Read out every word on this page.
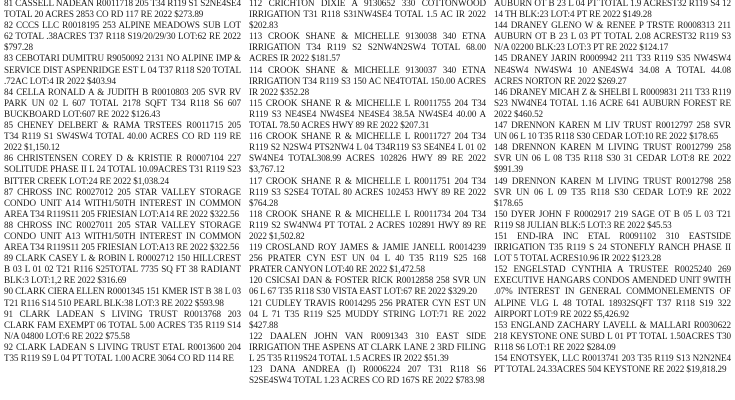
81 CASSELL NADEAN R0011718 205 T34 R119 S1 S2NE4SE4 TOTAL 20 ACRES 2853 CO RD 117 RE 2022 $273.89

82 CCCS LLC R0018195 253 ALPINE MEADOWS SUB LOT 62 TOTAL .38ACRES T37 R118 S19/20/29/30 LOT:62 RE 2022 $797.28

83 CEBOTARI DUMITRU R9050092 2131 NO ALPINE IMP & SERVICE DIST ASPENRIDGE EST L 04 T37 R118 S20 TOTAL .72AC LOT:4 IR 2022 $403.94

84 CELLA RONALD A & JUDITH B R0010803 205 SVR RV PARK UN 02 L 607 TOTAL 2178 SQFT T34 R118 S6 607 BUCKBOARD LOT:607 RE 2022 $126.43

85 CHENEY DELBERT & RAMA TRSTEES R0011715 205 T34 R119 S1 SW4SW4 TOTAL 40.00 ACRES CO RD 119 RE 2022 $1,150.12

86 CHRISTENSEN COREY D & KRISTIE R R0007104 227 SOLITUDE PHASE II L 24 TOTAL 10.09ACRES T31 R119 S23 BITTER CREEK LOT:24 RE 2022 $1,038.24

87 CHROSS INC R0027012 205 STAR VALLEY STORAGE CONDO UNIT A14 WITH1/50TH INTEREST IN COMMON AREA T34 R119S11 205 FRIESIAN LOT:A14 RE 2022 $322.56

88 CHROSS INC R0027011 205 STAR VALLEY STORAGE CONDO UNIT A13 WITH1/50TH INTEREST IN COMMON AREA T34 R119S11 205 FRIESIAN LOT:A13 RE 2022 $322.56

89 CLARK CASEY L & ROBIN L R0002712 150 HILLCREST B 03 L 01 02 T21 R116 S25TOTAL 7735 SQ FT 38 RADIANT BLK:3 LOT:1,2 RE 2022 $316.69

90 CLARK CIERA ELLEN R0001345 151 KMER IST B 38 L 03 T21 R116 S14 510 PEARL BLK:38 LOT:3 RE 2022 $593.98

91 CLARK LADEAN S LIVING TRUST R0013768 203 CLARK FAM EXEMPT 06 TOTAL 5.00 ACRES T35 R119 S14 N/A 04800 LOT:6 RE 2022 $75.58

92 CLARK LADEAN S LIVING TRUST ETAL R0013600 204 T35 R119 S9 L 04 PT TOTAL 1.00 ACRE 3064 CO RD 114 RE

112 CRICHTON DIXIE A 9130652 330 COTTONWOOD IRRIGATION T31 R118 S31NW4SE4 TOTAL 1.5 AC IR 2022 $202.83

113 CROOK SHANE & MICHELLE 9130038 340 ETNA IRRIGATION T34 R119 S2 S2NW4N2SW4 TOTAL 68.00 ACRES IR 2022 $181.57

114 CROOK SHANE & MICHELLE 9130037 340 ETNA IRRIGATION T34 R119 S3 150 AC NE4TOTAL 150.00 ACRES IR 2022 $352.28

115 CROOK SHANE R & MICHELLE L R0011755 204 T34 R119 S3 NE4SE4 NW4SE4 NE4SE4 38.5A NW4SE4 40.00 A TOTAL 78.50 ACRES HWY 89 RE 2022 $207.31

116 CROOK SHANE R & MICHELLE L R0011727 204 T34 R119 S2 N2SW4 PTS2NW4 L 04 T34R119 S3 SE4NE4 L 01 02 SW4NE4 TOTAL308.99 ACRES 102826 HWY 89 RE 2022 $3,767.12

117 CROOK SHANE R & MICHELLE L R0011751 204 T34 R119 S3 S2SE4 TOTAL 80 ACRES 102453 HWY 89 RE 2022 $764.28

118 CROOK SHANE R & MICHELLE L R0011734 204 T34 R119 S2 SW4NW4 PT TOTAL 2 ACRES 102891 HWY 89 RE 2022 $1,502.82

119 CROSLAND ROY JAMES & JAMIE JANELL R0014239 256 PRATER CYN EST UN 04 L 40 T35 R119 S25 168 PRATER CANYON LOT:40 RE 2022 $1,472.58

120 CSICSAI DAN & FOSTER RICK R0012858 258 SVR UN 06 L 67 T35 R118 S30 VISTA EAST LOT:67 RE 2022 $329.20

121 CUDLEY TRAVIS R0014295 256 PRATER CYN EST UN 04 L 71 T35 R119 S25 MUDDY STRING LOT:71 RE 2022 $427.88

122 DAALEN JOHN VAN R0091343 310 EAST SIDE IRRIGATION THE ASPENS AT CLARK LANE 2 3RD FILING L 25 T35 R119S24 TOTAL 1.5 ACRES IR 2022 $51.39

123 DANA ANDREA (I) R0006224 207 T31 R118 S6 S2SE4SW4 TOTAL 1.23 ACRES CO RD 167S RE 2022 $783.98

AUBURN OT B 23 L 04 PT TOTAL 1.9 ACREST32 R119 S4 12 14 TH BLK:23 LOT:4 PT RE 2022 $149.28

144 DRANEY GLENO W & RENEE P TRSTE R0008313 211 AUBURN OT B 23 L 03 PT TOTAL 2.08 ACREST32 R119 S3 N/A 02200 BLK:23 LOT:3 PT RE 2022 $124.17

145 DRANEY JARIN R0009942 211 T33 R119 S35 NW4SW4 NE4SW4 NW4SW4 10 ANE4SW4 34.08 A TOTAL 44.08 ACRES NORTON RE 2022 $269.27

146 DRANEY MICAH Z & SHELBI L R0009831 211 T33 R119 S23 NW4NE4 TOTAL 1.16 ACRE 641 AUBURN FOREST RE 2022 $460.52

147 DRENNON KAREN M LIV TRUST R0012797 258 SVR UN 06 L 10 T35 R118 S30 CEDAR LOT:10 RE 2022 $178.65

148 DRENNON KAREN M LIVING TRUST R0012799 258 SVR UN 06 L 08 T35 R118 S30 31 CEDAR LOT:8 RE 2022 $991.39

149 DRENNON KAREN M LIVING TRUST R0012798 258 SVR UN 06 L 09 T35 R118 S30 CEDAR LOT:9 RE 2022 $178.65

150 DYER JOHN F R0002917 219 SAGE OT B 05 L 03 T21 R119 S8 JULIAN BLK:5 LOT:3 RE 2022 $45.53

151 END-IRA INC ETAL R0091102 310 EASTSIDE IRRIGATION T35 R119 S 24 STONEFLY RANCH PHASE II LOT 5 TOTAL ACRES10.96 IR 2022 $123.28

152 ENGELSTAD CYNTHIA A TRUSTEE R0025240 269 EXECUTIVE HANGARS CONDOS AMENDED UNIT 9WITH .07% INTEREST IN GENERAL COMMONELEMENTS OF ALPINE VLG L 48 TOTAL 18932SQFT T37 R118 S19 322 AIRPORT LOT:9 RE 2022 $5,426.92

153 ENGLAND ZACHARY LAVELL & MALLARI R0030622 218 KEYSTONE ONE SUBD L 01 PT TOTAL 1.50ACRES T30 R118 S6 LOT:1 RE 2022 $284.09

154 ENOTSYEK, LLC R0013741 203 T35 R119 S13 N2N2NE4 PT TOTAL 24.33ACRES 504 KEYSTONE RE 2022 $19,818.29
